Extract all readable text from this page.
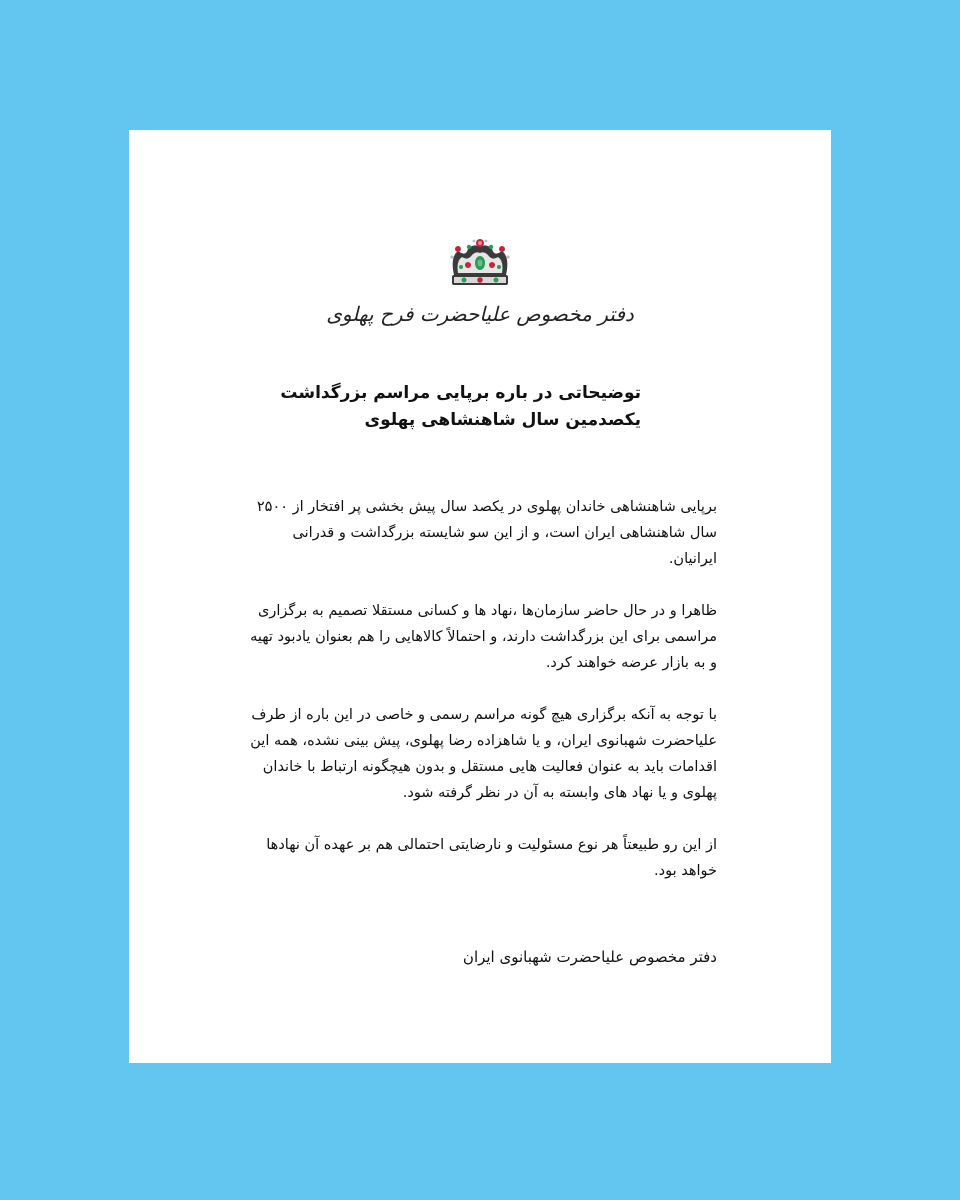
دفتر مخصوص علیاحضرت فرح پهلوی
توضیحاتی در باره برپایی مراسم بزرگداشت
یکصدمین سال شاهنشاهی پهلوی

برپایی شاهنشاهی خاندان پهلوی در یکصد سال پیش بخشی پر افتخار از ۲۵۰۰ سال شاهنشاهی ایران است، و از این سو شایسته بزرگداشت و قدرانی ایرانیان.

ظاهرا و در حال حاضر سازمان‌ها ،نهاد ها و کسانی مستقلا تصمیم به برگزاری مراسمی برای این بزرگداشت دارند، و احتمالاً کالاهایی را هم بعنوان یادبود تهیه و به بازار عرضه خواهند کرد.

با توجه به آنکه برگزاری هیچ گونه مراسم رسمی و خاصی در این باره از طرف علیاحضرت شهبانوی ایران، و یا شاهزاده رضا پهلوی، پیش بینی نشده، همه این اقدامات باید به عنوان فعالیت هایی مستقل و بدون هیچگونه ارتباط با خاندان پهلوی و یا نهاد های وابسته به آن در نظر گرفته شود.

از این رو طبیعتاً هر نوع مسئولیت و نارضایتی احتمالی هم بر عهده آن نهادها خواهد بود.

دفتر مخصوص علیاحضرت شهبانوی ایران
